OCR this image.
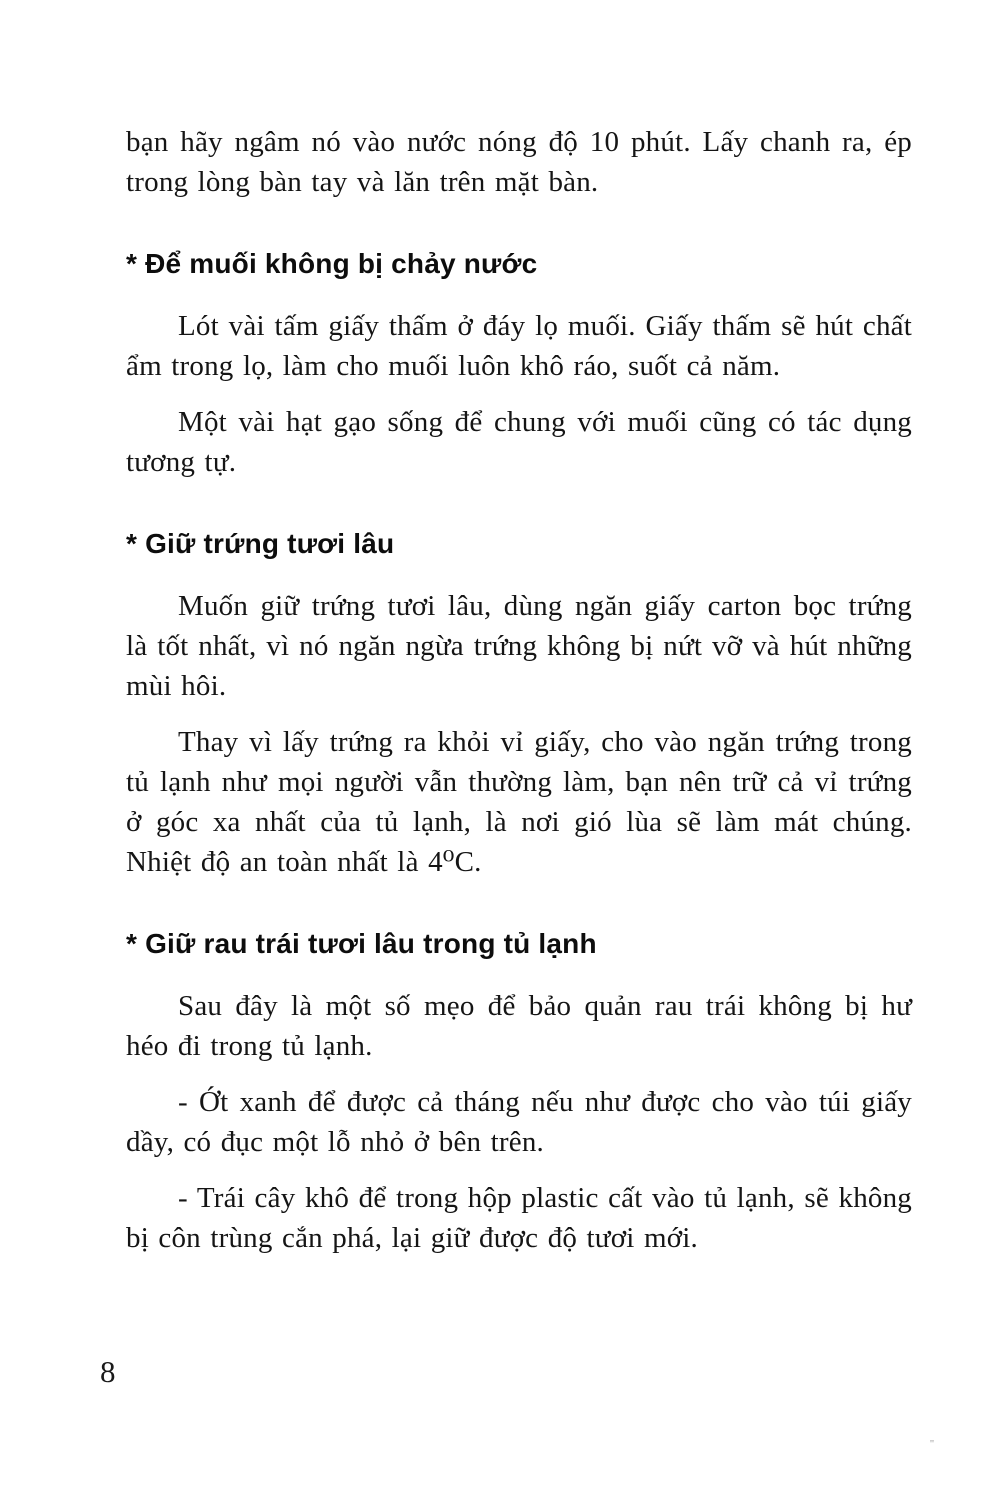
bạn hãy ngâm nó vào nước nóng độ 10 phút. Lấy chanh ra, ép trong lòng bàn tay và lăn trên mặt bàn.

* Để muối không bị chảy nước

Lót vài tấm giấy thấm ở đáy lọ muối. Giấy thấm sẽ hút chất ẩm trong lọ, làm cho muối luôn khô ráo, suốt cả năm.

Một vài hạt gạo sống để chung với muối cũng có tác dụng tương tự.

* Giữ trứng tươi lâu

Muốn giữ trứng tươi lâu, dùng ngăn giấy carton bọc trứng là tốt nhất, vì nó ngăn ngừa trứng không bị nứt vỡ và hút những mùi hôi.

Thay vì lấy trứng ra khỏi vỉ giấy, cho vào ngăn trứng trong tủ lạnh như mọi người vẫn thường làm, bạn nên trữ cả vỉ trứng ở góc xa nhất của tủ lạnh, là nơi gió lùa sẽ làm mát chúng. Nhiệt độ an toàn nhất là 4⁰C.

* Giữ rau trái tươi lâu trong tủ lạnh

Sau đây là một số mẹo để bảo quản rau trái không bị hư héo đi trong tủ lạnh.

- Ớt xanh để được cả tháng nếu như được cho vào túi giấy dầy, có đục một lỗ nhỏ ở bên trên.

- Trái cây khô để trong hộp plastic cất vào tủ lạnh, sẽ không bị côn trùng cắn phá, lại giữ được độ tươi mới.

8
''
